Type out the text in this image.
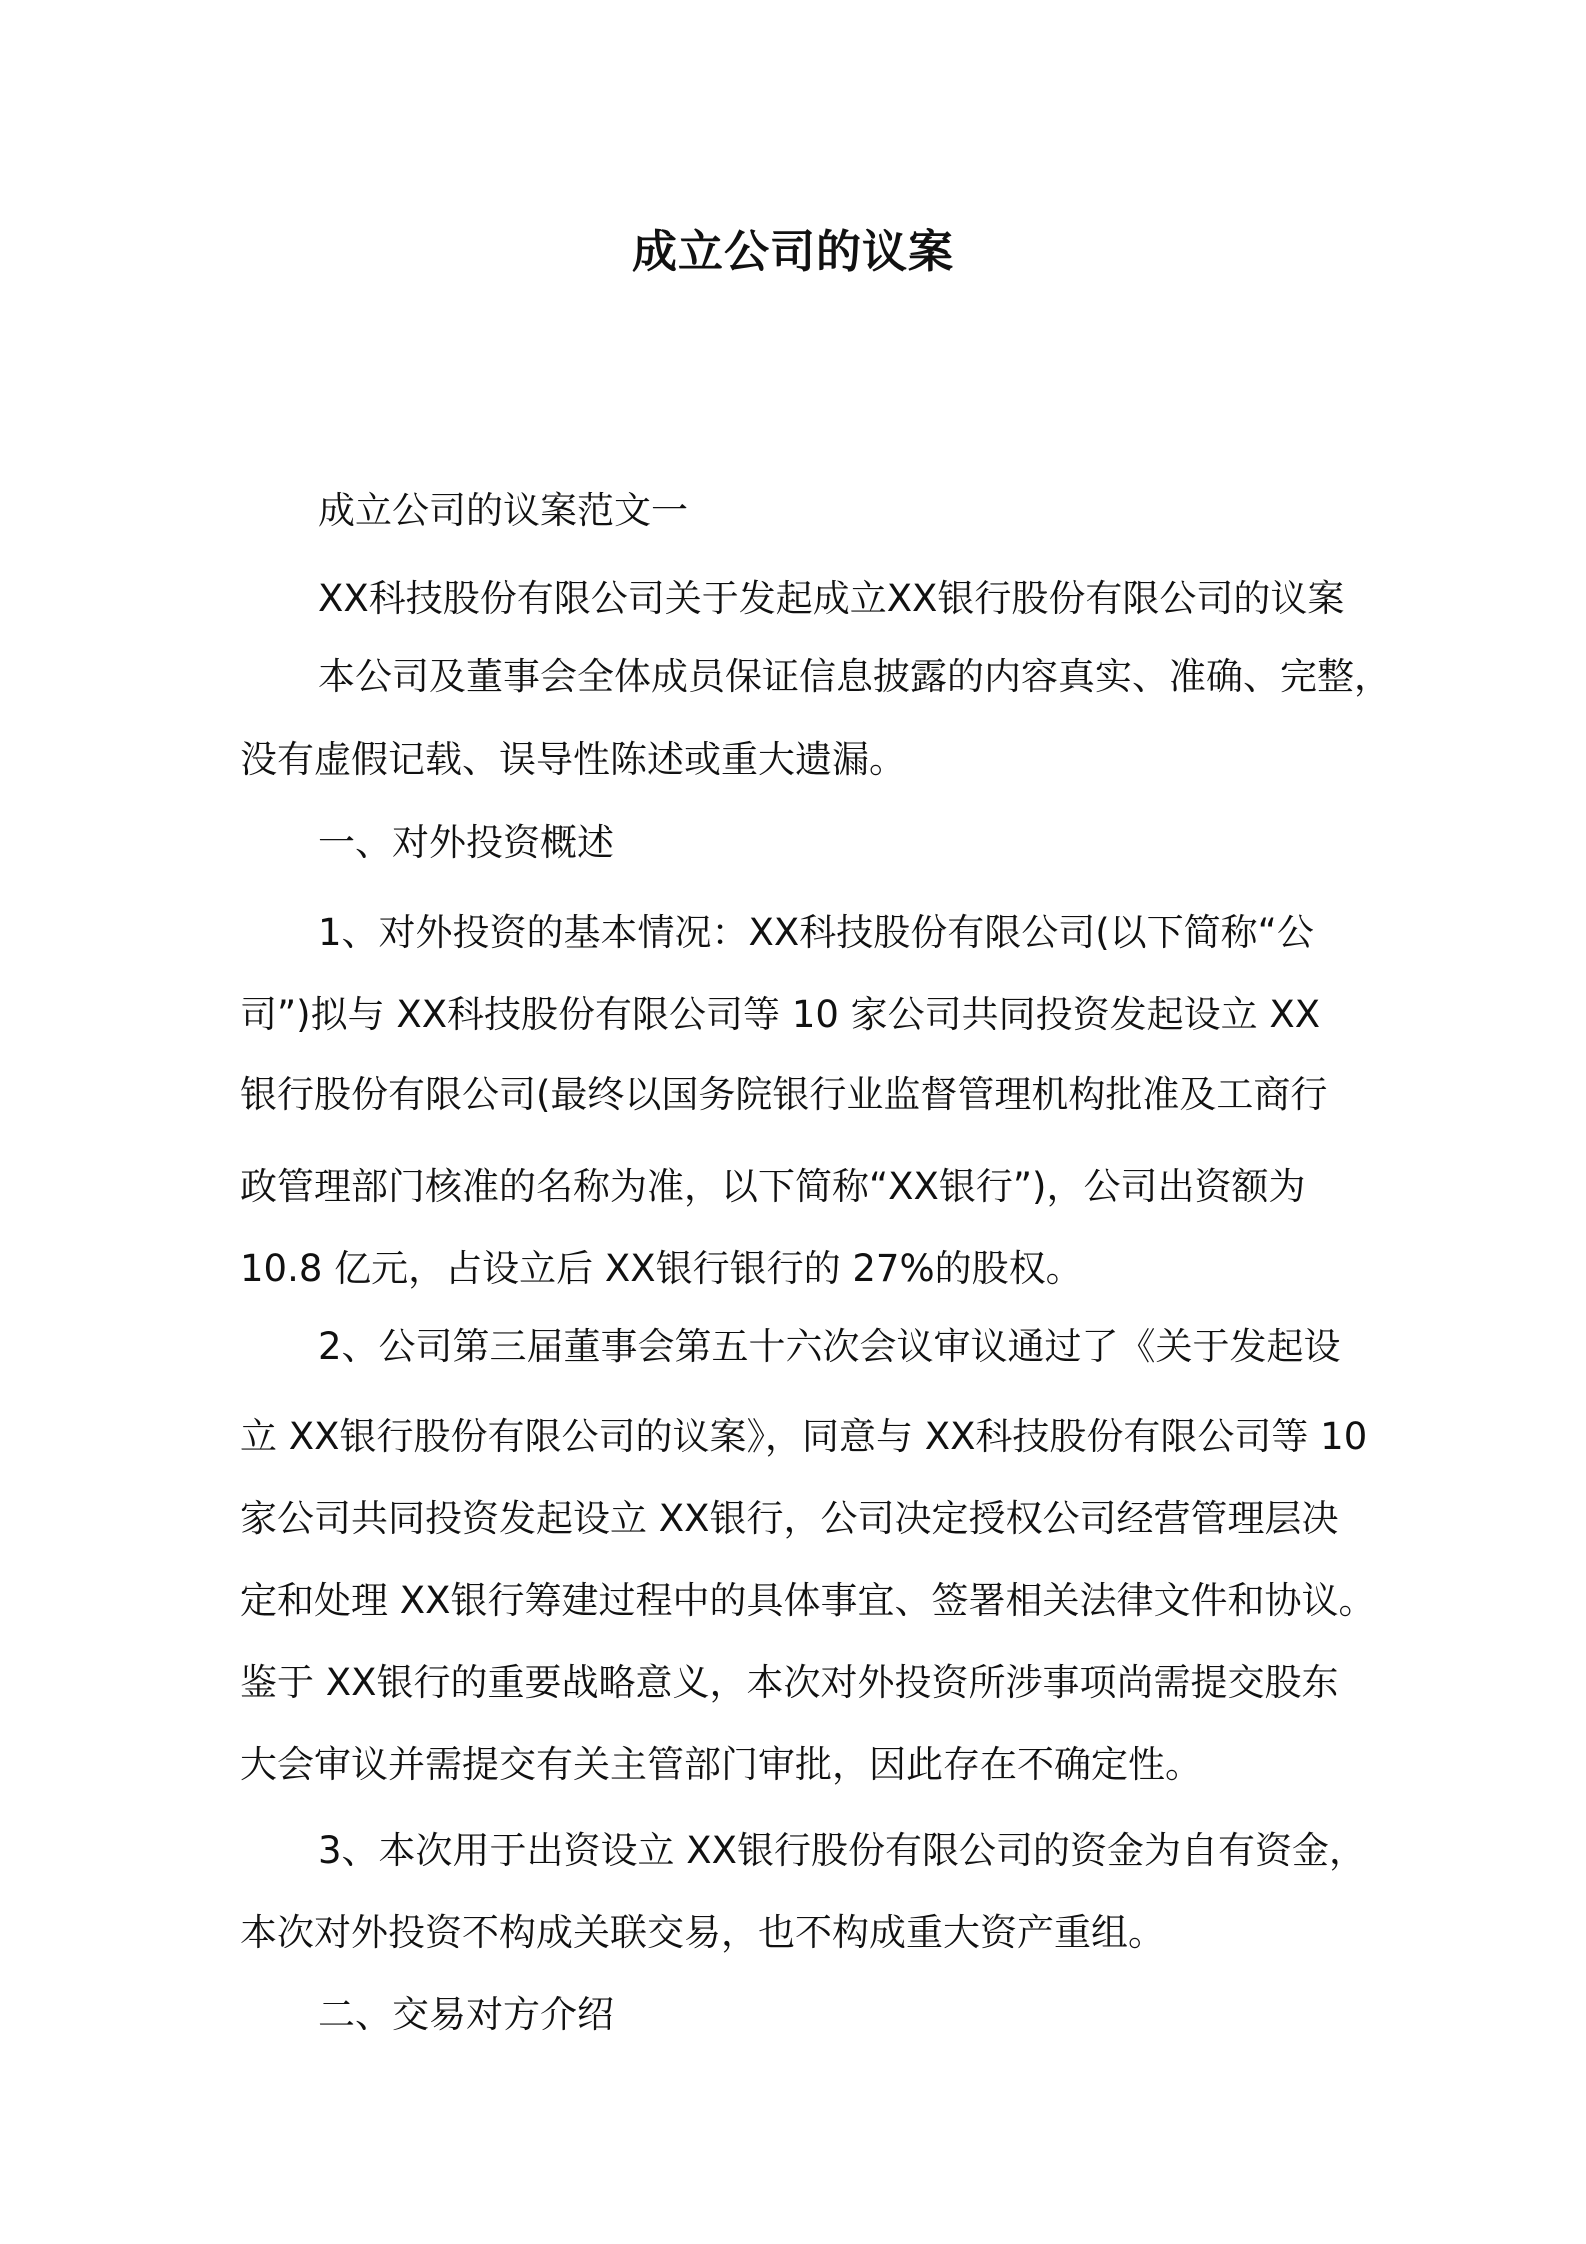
成立公司的议案
成立公司的议案范文一
XX科技股份有限公司关于发起成立XX银行股份有限公司的议案
本公司及董事会全体成员保证信息披露的内容真实、准确、完整，
没有虚假记载、误导性陈述或重大遗漏。
一、对外投资概述
1、对外投资的基本情况：XX科技股份有限公司(以下简称“公
司”)拟与 XX科技股份有限公司等 10 家公司共同投资发起设立 XX
银行股份有限公司(最终以国务院银行业监督管理机构批准及工商行
政管理部门核准的名称为准，以下简称“XX银行”)，公司出资额为
10.8 亿元，占设立后 XX银行银行的 27%的股权。
2、公司第三届董事会第五十六次会议审议通过了《关于发起设
立 XX银行股份有限公司的议案》，同意与 XX科技股份有限公司等 10
家公司共同投资发起设立 XX银行，公司决定授权公司经营管理层决
定和处理 XX银行筹建过程中的具体事宜、签署相关法律文件和协议。
鉴于 XX银行的重要战略意义，本次对外投资所涉事项尚需提交股东
大会审议并需提交有关主管部门审批，因此存在不确定性。
3、本次用于出资设立 XX银行股份有限公司的资金为自有资金，
本次对外投资不构成关联交易，也不构成重大资产重组。
二、交易对方介绍
